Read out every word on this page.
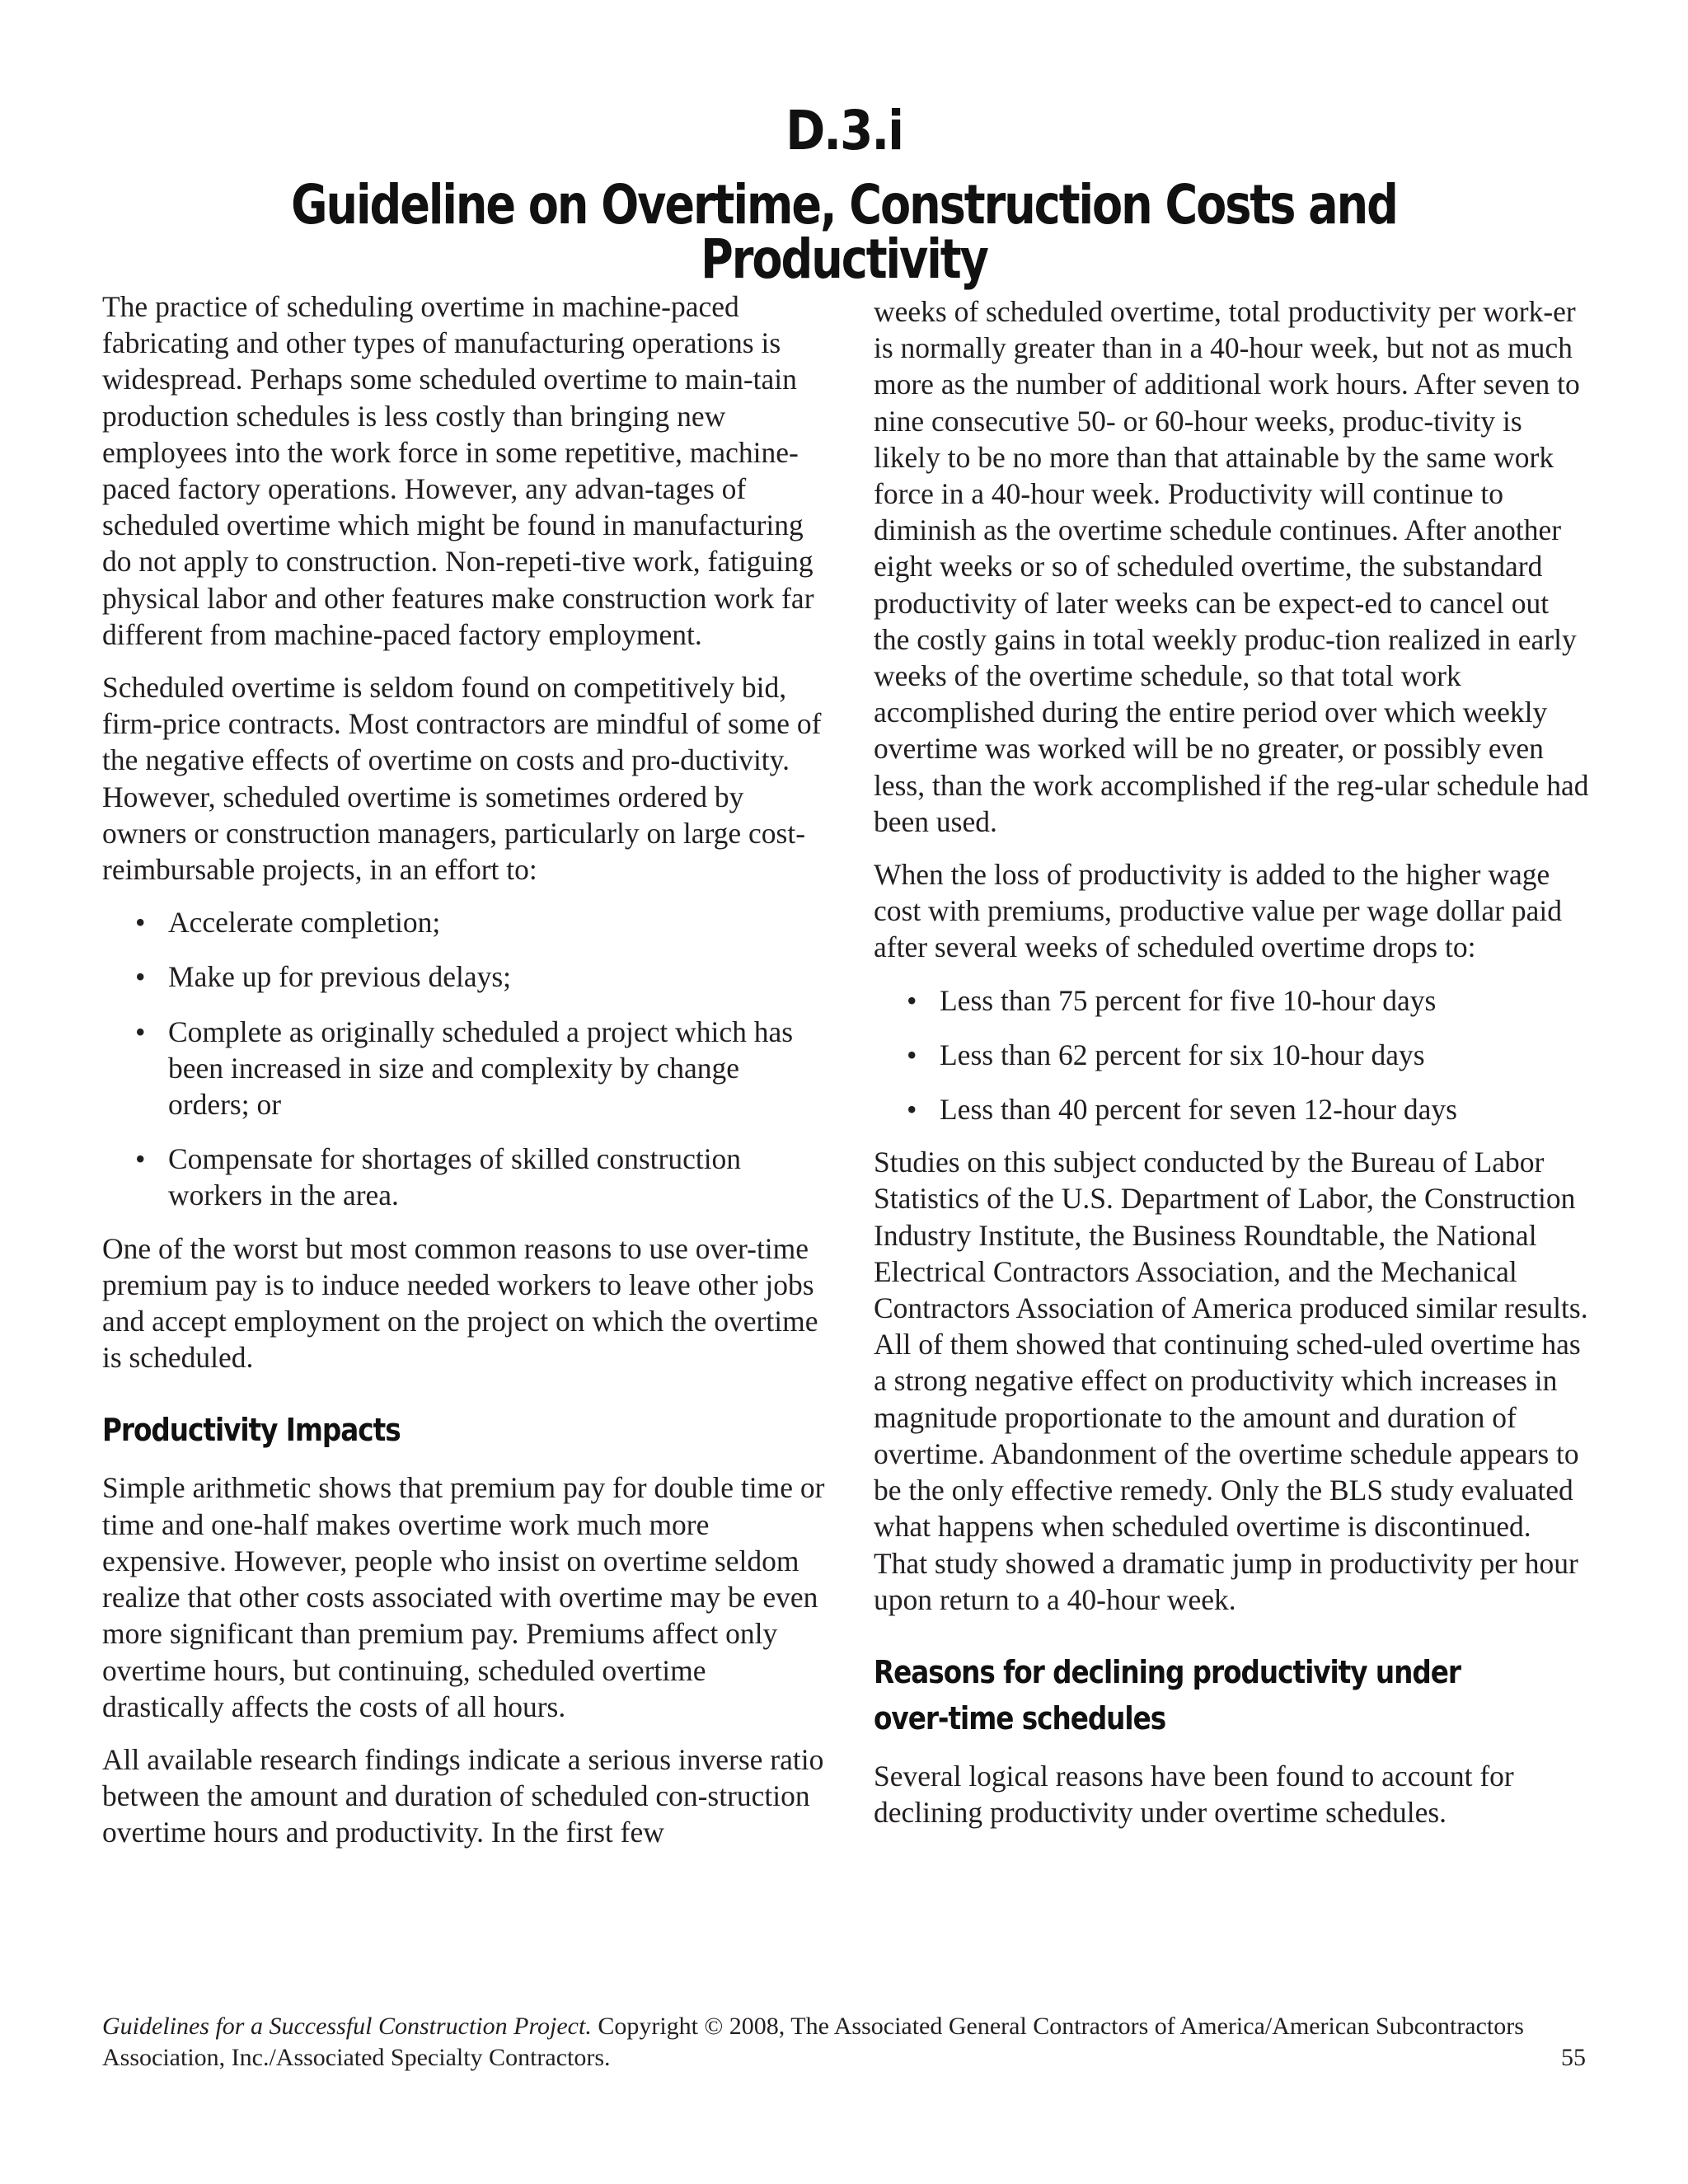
D.3.i
Guideline on Overtime, Construction Costs and Productivity

The practice of scheduling overtime in machine-paced fabricating and other types of manufacturing operations is widespread. Perhaps some scheduled overtime to main-tain production schedules is less costly than bringing new employees into the work force in some repetitive, machine-paced factory operations. However, any advan-tages of scheduled overtime which might be found in manufacturing do not apply to construction. Non-repeti-tive work, fatiguing physical labor and other features make construction work far different from machine-paced factory employment.

Scheduled overtime is seldom found on competitively bid, firm-price contracts. Most contractors are mindful of some of the negative effects of overtime on costs and pro-ductivity. However, scheduled overtime is sometimes ordered by owners or construction managers, particularly on large cost-reimbursable projects, in an effort to:

• Accelerate completion;
• Make up for previous delays;
• Complete as originally scheduled a project which has been increased in size and complexity by change orders; or
• Compensate for shortages of skilled construction workers in the area.

One of the worst but most common reasons to use over-time premium pay is to induce needed workers to leave other jobs and accept employment on the project on which the overtime is scheduled.

Productivity Impacts

Simple arithmetic shows that premium pay for double time or time and one-half makes overtime work much more expensive. However, people who insist on overtime seldom realize that other costs associated with overtime may be even more significant than premium pay. Premiums affect only overtime hours, but continuing, scheduled overtime drastically affects the costs of all hours.

All available research findings indicate a serious inverse ratio between the amount and duration of scheduled con-struction overtime hours and productivity. In the first few

weeks of scheduled overtime, total productivity per work-er is normally greater than in a 40-hour week, but not as much more as the number of additional work hours. After seven to nine consecutive 50- or 60-hour weeks, produc-tivity is likely to be no more than that attainable by the same work force in a 40-hour week. Productivity will continue to diminish as the overtime schedule continues. After another eight weeks or so of scheduled overtime, the substandard productivity of later weeks can be expect-ed to cancel out the costly gains in total weekly produc-tion realized in early weeks of the overtime schedule, so that total work accomplished during the entire period over which weekly overtime was worked will be no greater, or possibly even less, than the work accomplished if the reg-ular schedule had been used.

When the loss of productivity is added to the higher wage cost with premiums, productive value per wage dollar paid after several weeks of scheduled overtime drops to:

• Less than 75 percent for five 10-hour days
• Less than 62 percent for six 10-hour days
• Less than 40 percent for seven 12-hour days

Studies on this subject conducted by the Bureau of Labor Statistics of the U.S. Department of Labor, the Construction Industry Institute, the Business Roundtable, the National Electrical Contractors Association, and the Mechanical Contractors Association of America produced similar results. All of them showed that continuing sched-uled overtime has a strong negative effect on productivity which increases in magnitude proportionate to the amount and duration of overtime. Abandonment of the overtime schedule appears to be the only effective remedy. Only the BLS study evaluated what happens when scheduled overtime is discontinued. That study showed a dramatic jump in productivity per hour upon return to a 40-hour week.

Reasons for declining productivity under over-time schedules

Several logical reasons have been found to account for declining productivity under overtime schedules.

Guidelines for a Successful Construction Project. Copyright © 2008, The Associated General Contractors of America/American Subcontractors Association, Inc./Associated Specialty Contractors.	55
